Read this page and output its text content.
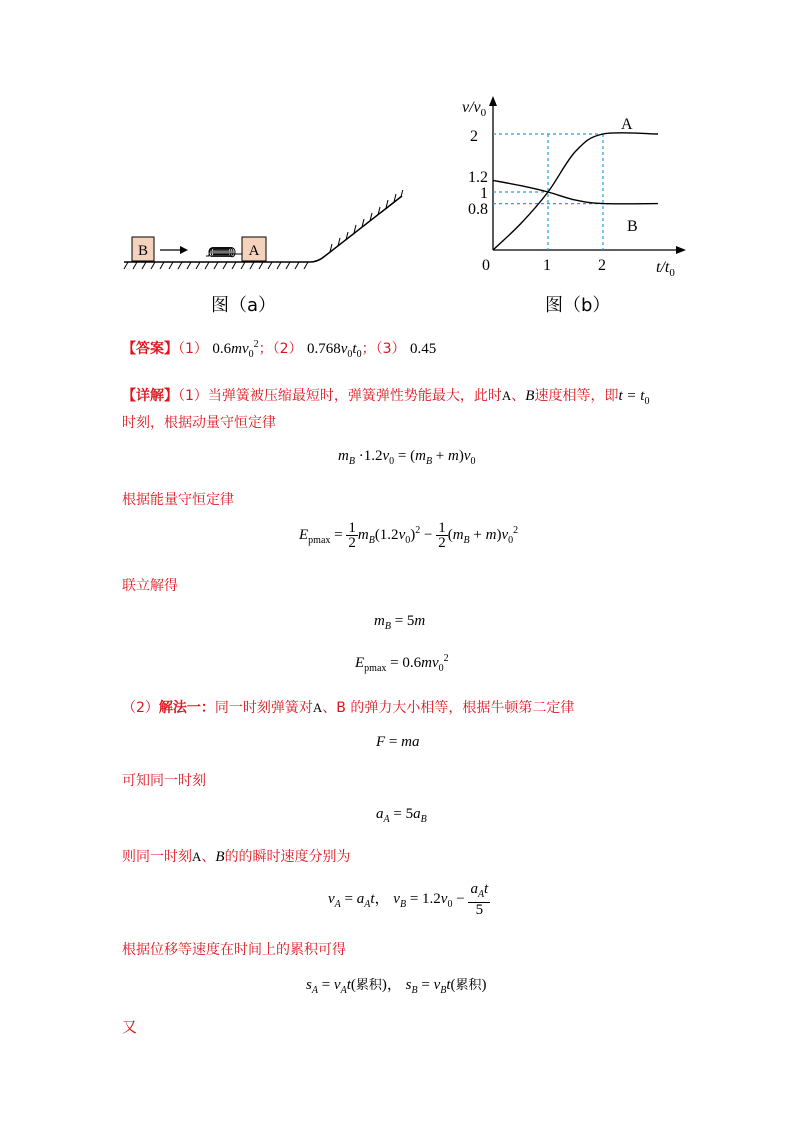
B	A
图（a）
$v/v_0$
$t/t_0$
2
1.2
1
0.8
0	1	2
A
B
图（b）
【答案】（1） $0.6mv_0^2$；（2） $0.768v_0t_0$；（3） 0.45
【详解】（1）当弹簧被压缩最短时，弹簧弹性势能最大，此时A、B速度相等，即$t = t_0$
时刻，根据动量守恒定律
$m_B \cdot 1.2v_0 = (m_B + m)v_0$
根据能量守恒定律
$E_{pmax} = \frac{1}{2} m_B(1.2v_0)^2 - \frac{1}{2} (m_B + m)v_0^2$
联立解得
$m_B = 5m$
$E_{pmax} = 0.6mv_0^2$
（2）解法一：同一时刻弹簧对A、B 的弹力大小相等，根据牛顿第二定律
F = ma
可知同一时刻
$a_A = 5a_B$
则同一时刻A、B的的瞬时速度分别为
$v_A = a_At$， $v_B = 1.2v_0 - \frac{a_At}{5}$
根据位移等速度在时间上的累积可得
$s_A = v_At$(累积)， $s_B = v_Bt$(累积)
又
